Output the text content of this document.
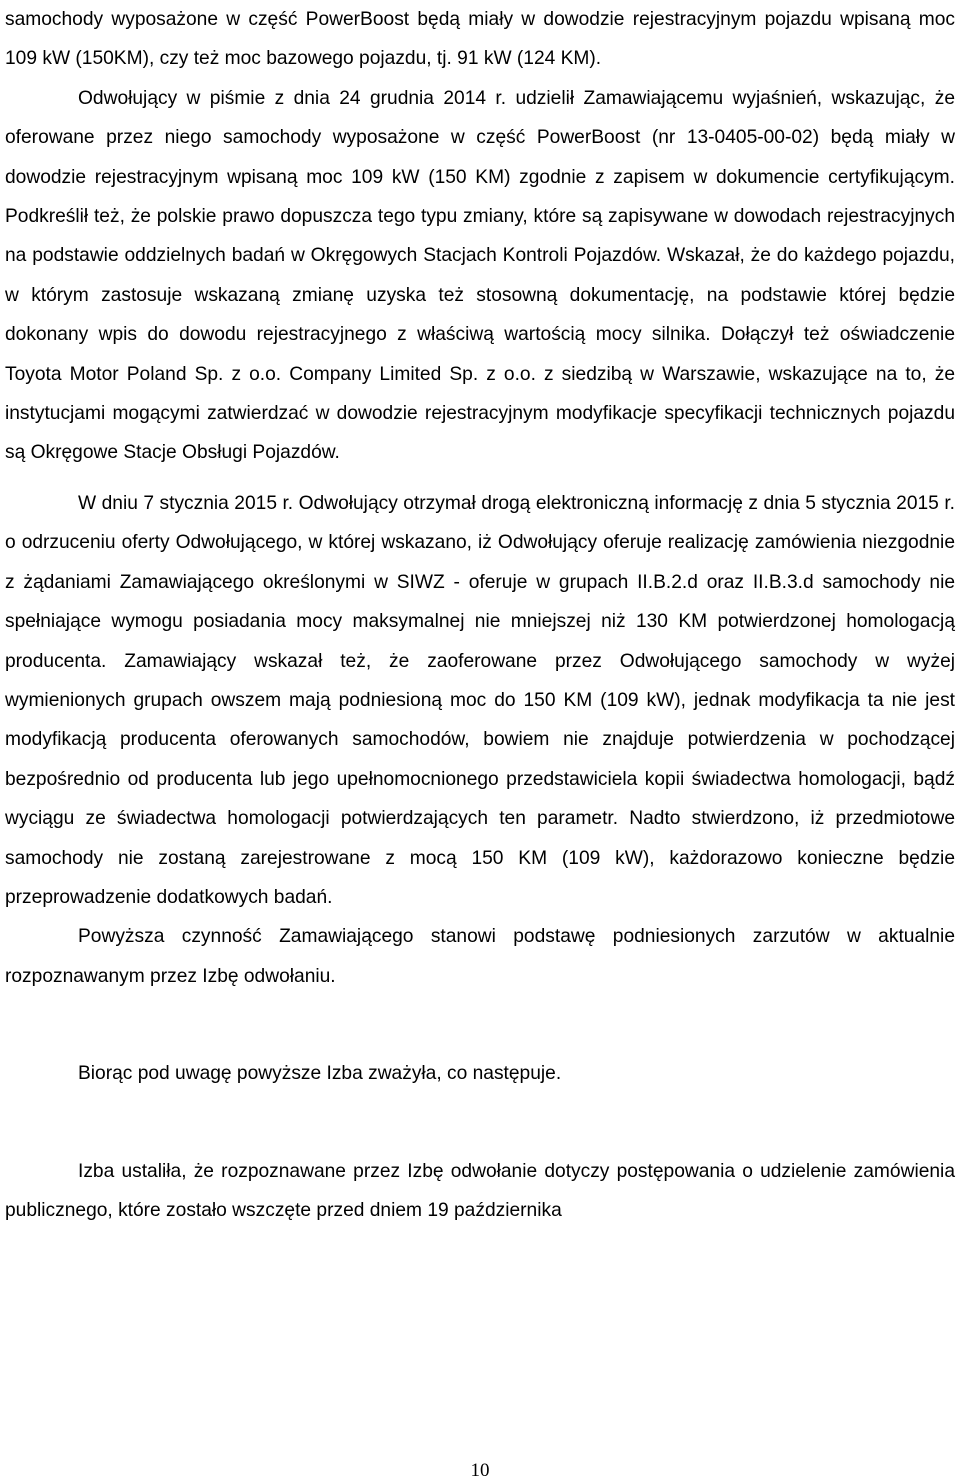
samochody wyposażone w część PowerBoost będą miały w dowodzie rejestracyjnym pojazdu wpisaną moc 109 kW (150KM), czy też moc bazowego pojazdu, tj. 91 kW (124 KM).

Odwołujący w piśmie z dnia 24 grudnia 2014 r. udzielił Zamawiającemu wyjaśnień, wskazując, że oferowane przez niego samochody wyposażone w część PowerBoost (nr 13-0405-00-02) będą miały w dowodzie rejestracyjnym wpisaną moc 109 kW (150 KM) zgodnie z zapisem w dokumencie certyfikującym. Podkreślił też, że polskie prawo dopuszcza tego typu zmiany, które są zapisywane w dowodach rejestracyjnych na podstawie oddzielnych badań w Okręgowych Stacjach Kontroli Pojazdów. Wskazał, że do każdego pojazdu, w którym zastosuje wskazaną zmianę uzyska też stosowną dokumentację, na podstawie której będzie dokonany wpis do dowodu rejestracyjnego z właściwą wartością mocy silnika. Dołączył też oświadczenie Toyota Motor Poland Sp. z o.o. Company Limited Sp. z o.o. z siedzibą w Warszawie, wskazujące na to, że instytucjami mogącymi zatwierdzać w dowodzie rejestracyjnym modyfikacje specyfikacji technicznych pojazdu są Okręgowe Stacje Obsługi Pojazdów.

W dniu 7 stycznia 2015 r. Odwołujący otrzymał drogą elektroniczną informację z dnia 5 stycznia 2015 r. o odrzuceniu oferty Odwołującego, w której wskazano, iż Odwołujący oferuje realizację zamówienia niezgodnie z żądaniami Zamawiającego określonymi w SIWZ - oferuje w grupach II.B.2.d oraz II.B.3.d samochody nie spełniające wymogu posiadania mocy maksymalnej nie mniejszej niż 130 KM potwierdzonej homologacją producenta. Zamawiający wskazał też, że zaoferowane przez Odwołującego samochody w wyżej wymienionych grupach owszem mają podniesioną moc do 150 KM (109 kW), jednak modyfikacja ta nie jest modyfikacją producenta oferowanych samochodów, bowiem nie znajduje potwierdzenia w pochodzącej bezpośrednio od producenta lub jego upełnomocnionego przedstawiciela kopii świadectwa homologacji, bądź wyciągu ze świadectwa homologacji potwierdzających ten parametr. Nadto stwierdzono, iż przedmiotowe samochody nie zostaną zarejestrowane z mocą 150 KM (109 kW), każdorazowo konieczne będzie przeprowadzenie dodatkowych badań.

Powyższa czynność Zamawiającego stanowi podstawę podniesionych zarzutów w aktualnie rozpoznawanym przez Izbę odwołaniu.

Biorąc pod uwagę powyższe Izba zważyła, co następuje.

Izba ustaliła, że rozpoznawane przez Izbę odwołanie dotyczy postępowania o udzielenie zamówienia publicznego, które zostało wszczęte przed dniem 19 października

10
